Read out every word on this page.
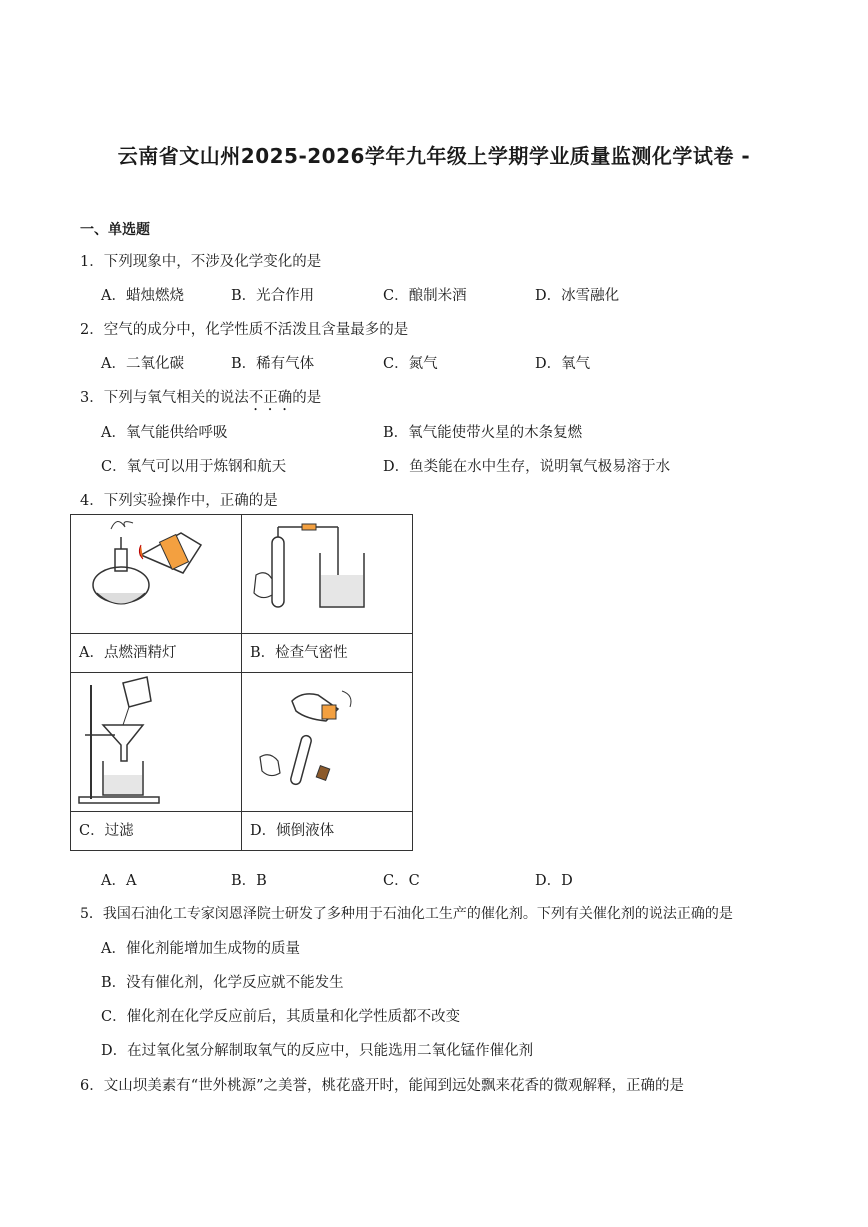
云南省文山州2025-2026学年九年级上学期学业质量监测化学试卷 -
一、单选题
1．下列现象中，不涉及化学变化的是
A．蜡烛燃烧	B．光合作用	C．酿制米酒	D．冰雪融化
2．空气的成分中，化学性质不活泼且含量最多的是
A．二氧化碳	B．稀有气体	C．氮气	D．氧气
3．下列与氧气相关的说法不正确的是
A．氧气能供给呼吸	B．氧气能使带火星的木条复燃
C．氧气可以用于炼钢和航天	D．鱼类能在水中生存，说明氧气极易溶于水
4．下列实验操作中，正确的是

A．点燃酒精灯	B．检查气密性

C．过滤	D．倾倒液体
A．A	B．B	C．C	D．D
5．我国石油化工专家闵恩泽院士研发了多种用于石油化工生产的催化剂。下列有关催化剂的说法正确的是
A．催化剂能增加生成物的质量
B．没有催化剂，化学反应就不能发生
C．催化剂在化学反应前后，其质量和化学性质都不改变
D．在过氧化氢分解制取氧气的反应中，只能选用二氧化锰作催化剂
6．文山坝美素有“世外桃源”之美誉，桃花盛开时，能闻到远处飘来花香的微观解释，正确的是
